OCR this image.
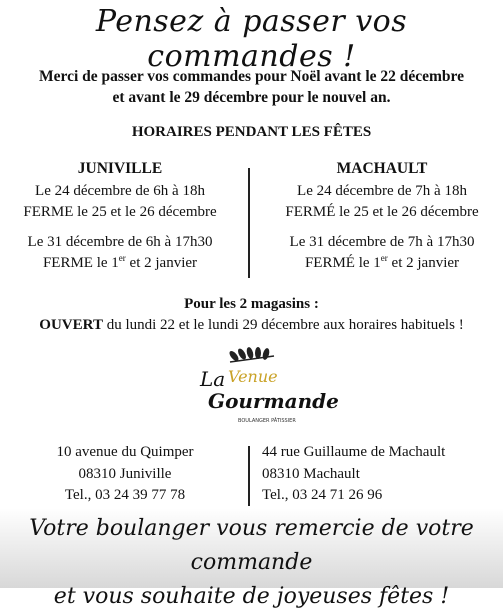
Pensez à passer vos commandes !
Merci de passer vos commandes pour Noël avant le 22 décembre
et avant le 29 décembre pour le nouvel an.
HORAIRES PENDANT LES FÊTES
JUNIVILLE
Le 24 décembre de 6h à 18h
FERME le 25 et le 26 décembre
Le 31 décembre de 6h à 17h30
FERME le 1er et 2 janvier
MACHAULT
Le 24 décembre de 7h à 18h
FERMÉ le 25 et le 26 décembre
Le 31 décembre de 7h à 17h30
FERMÉ le 1er et 2 janvier
Pour les 2 magasins :
OUVERT du lundi 22 et le lundi 29 décembre aux horaires habituels !
La Venue
Gourmande
BOULANGER PÂTISSIER
10 avenue du Quimper
08310 Juniville
Tel., 03 24 39 77 78
44 rue Guillaume de Machault
08310 Machault
Tel., 03 24 71 26 96
Votre boulanger vous remercie de votre commande
et vous souhaite de joyeuses fêtes !
